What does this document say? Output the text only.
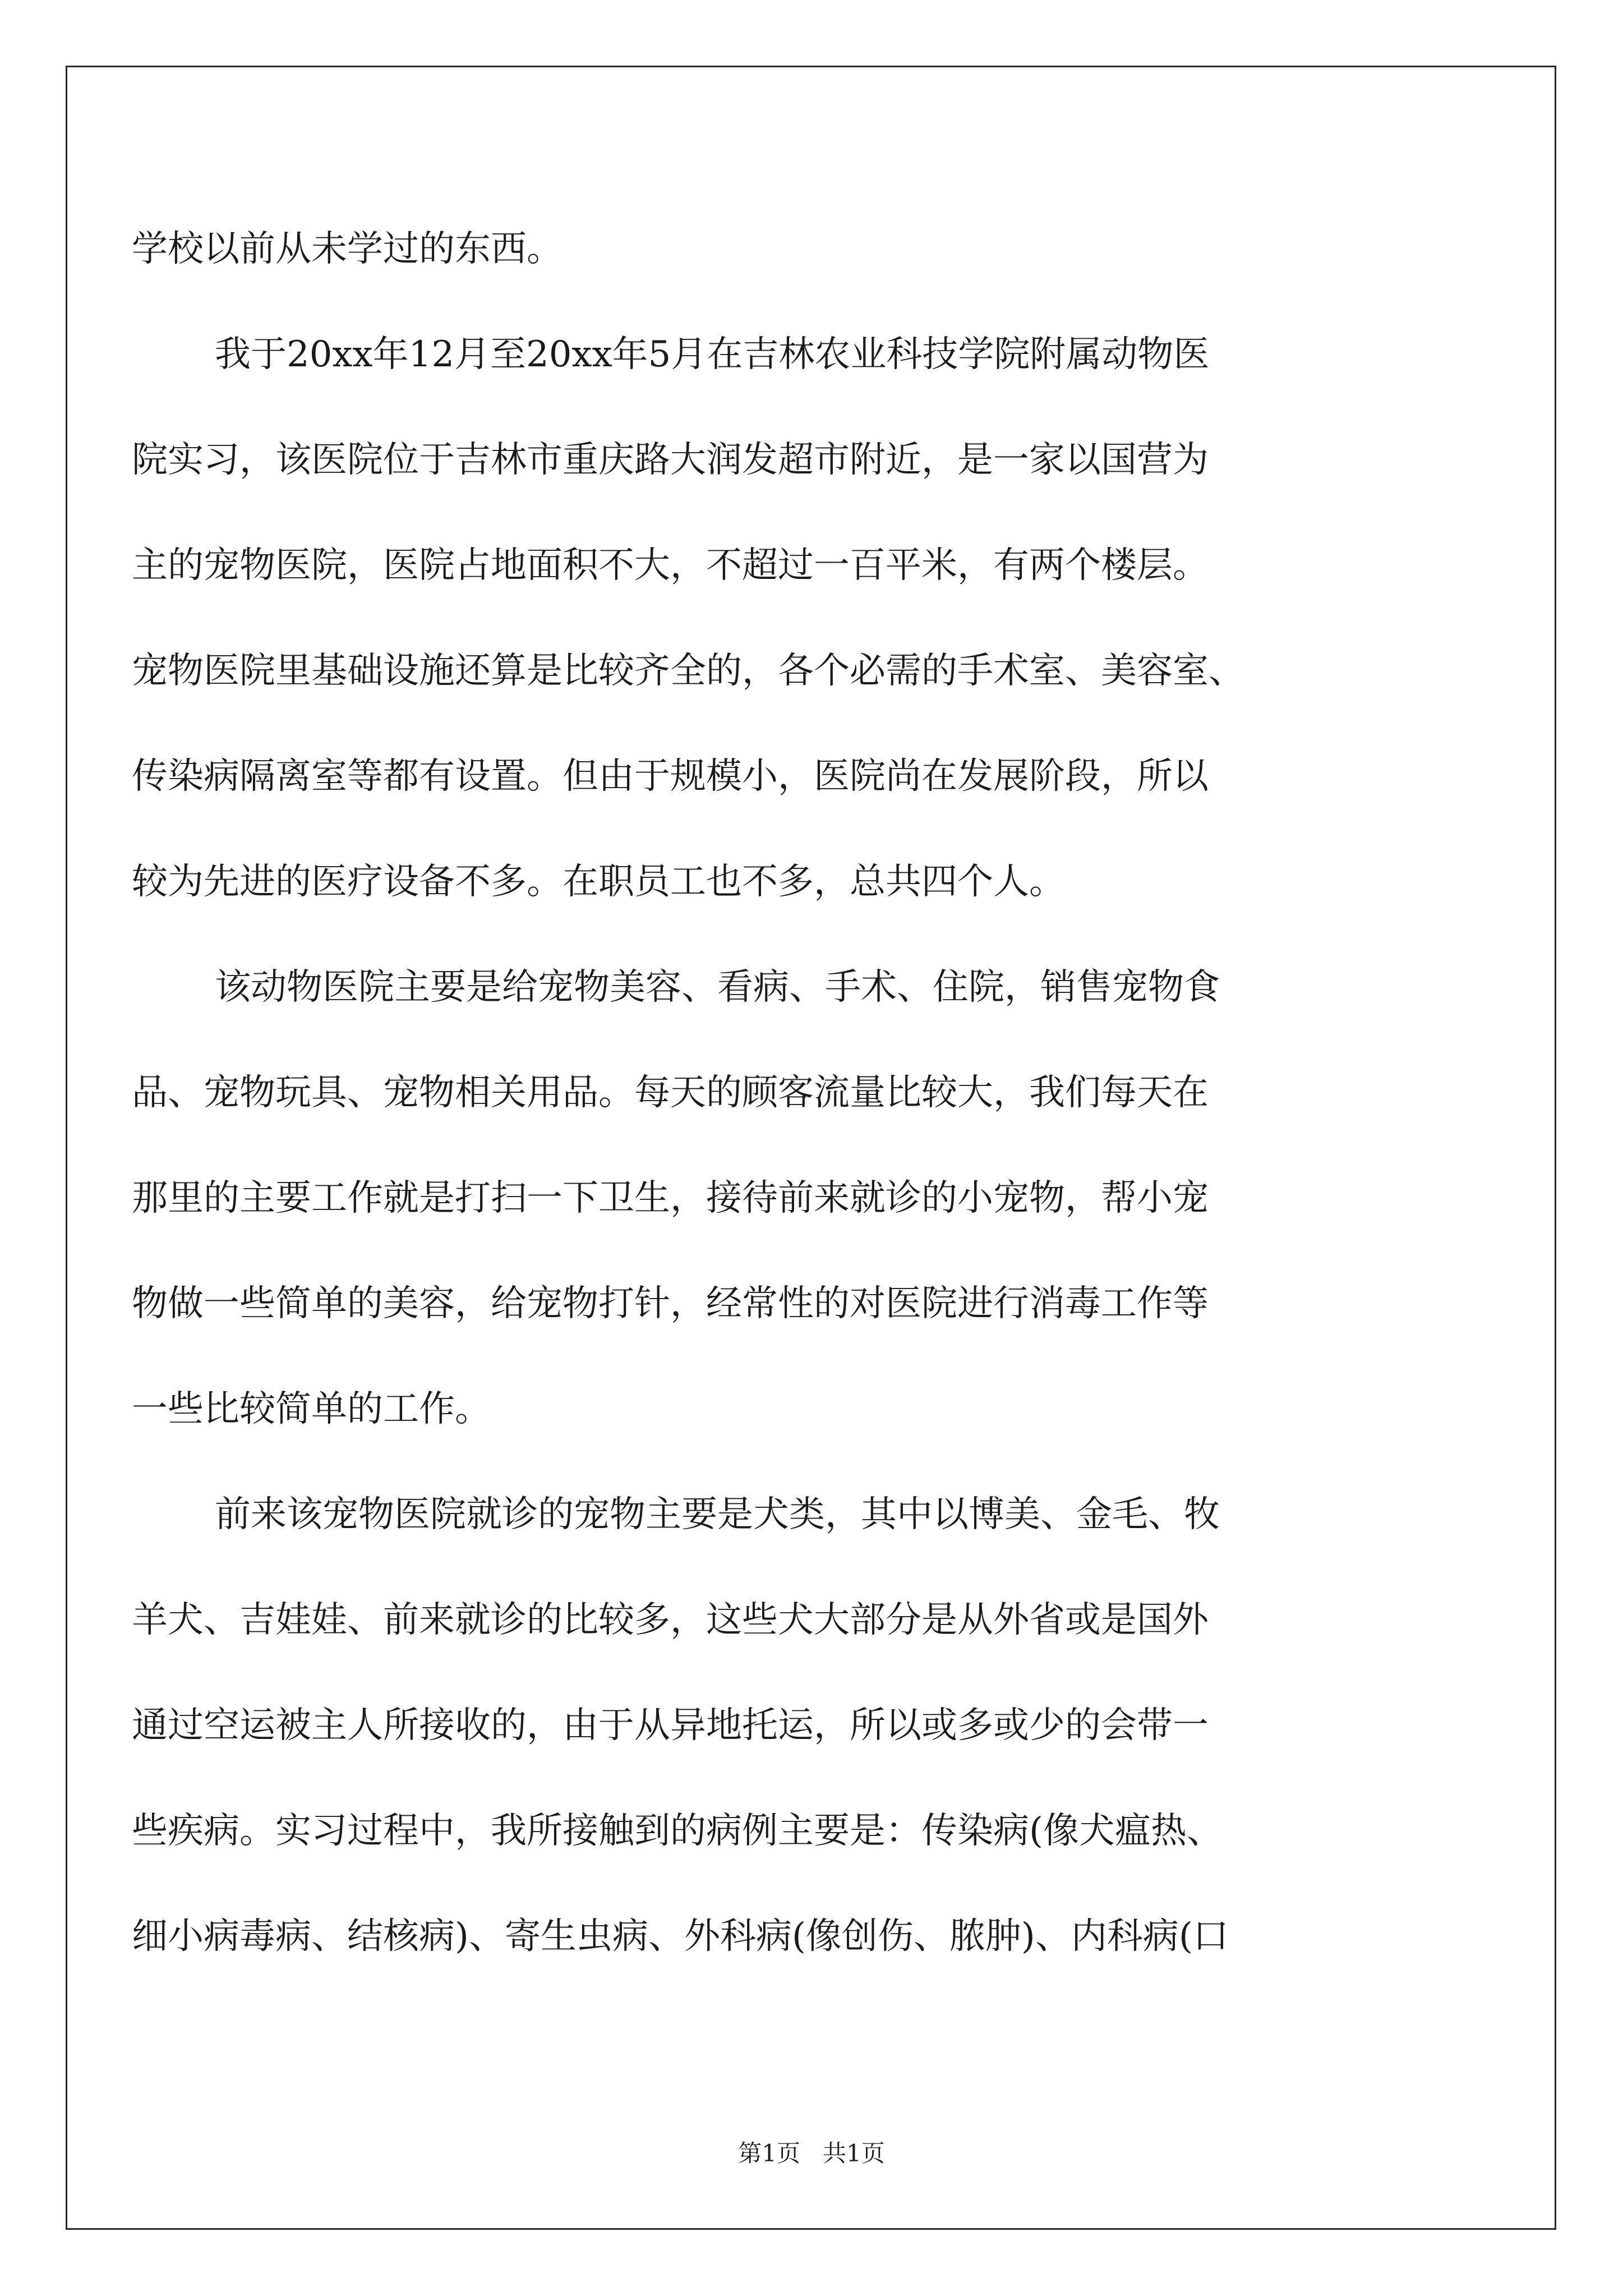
学校以前从未学过的东西。
我于20xx年12月至20xx年5月在吉林农业科技学院附属动物医
院实习，该医院位于吉林市重庆路大润发超市附近，是一家以国营为
主的宠物医院，医院占地面积不大，不超过一百平米，有两个楼层。
宠物医院里基础设施还算是比较齐全的，各个必需的手术室、美容室、
传染病隔离室等都有设置。但由于规模小，医院尚在发展阶段，所以
较为先进的医疗设备不多。在职员工也不多，总共四个人。
该动物医院主要是给宠物美容、看病、手术、住院，销售宠物食
品、宠物玩具、宠物相关用品。每天的顾客流量比较大，我们每天在
那里的主要工作就是打扫一下卫生，接待前来就诊的小宠物，帮小宠
物做一些简单的美容，给宠物打针，经常性的对医院进行消毒工作等
一些比较简单的工作。
前来该宠物医院就诊的宠物主要是犬类，其中以博美、金毛、牧
羊犬、吉娃娃、前来就诊的比较多，这些犬大部分是从外省或是国外
通过空运被主人所接收的，由于从异地托运，所以或多或少的会带一
些疾病。实习过程中，我所接触到的病例主要是：传染病(像犬瘟热、
细小病毒病、结核病)、寄生虫病、外科病(像创伤、脓肿)、内科病(口
第1页 共1页
